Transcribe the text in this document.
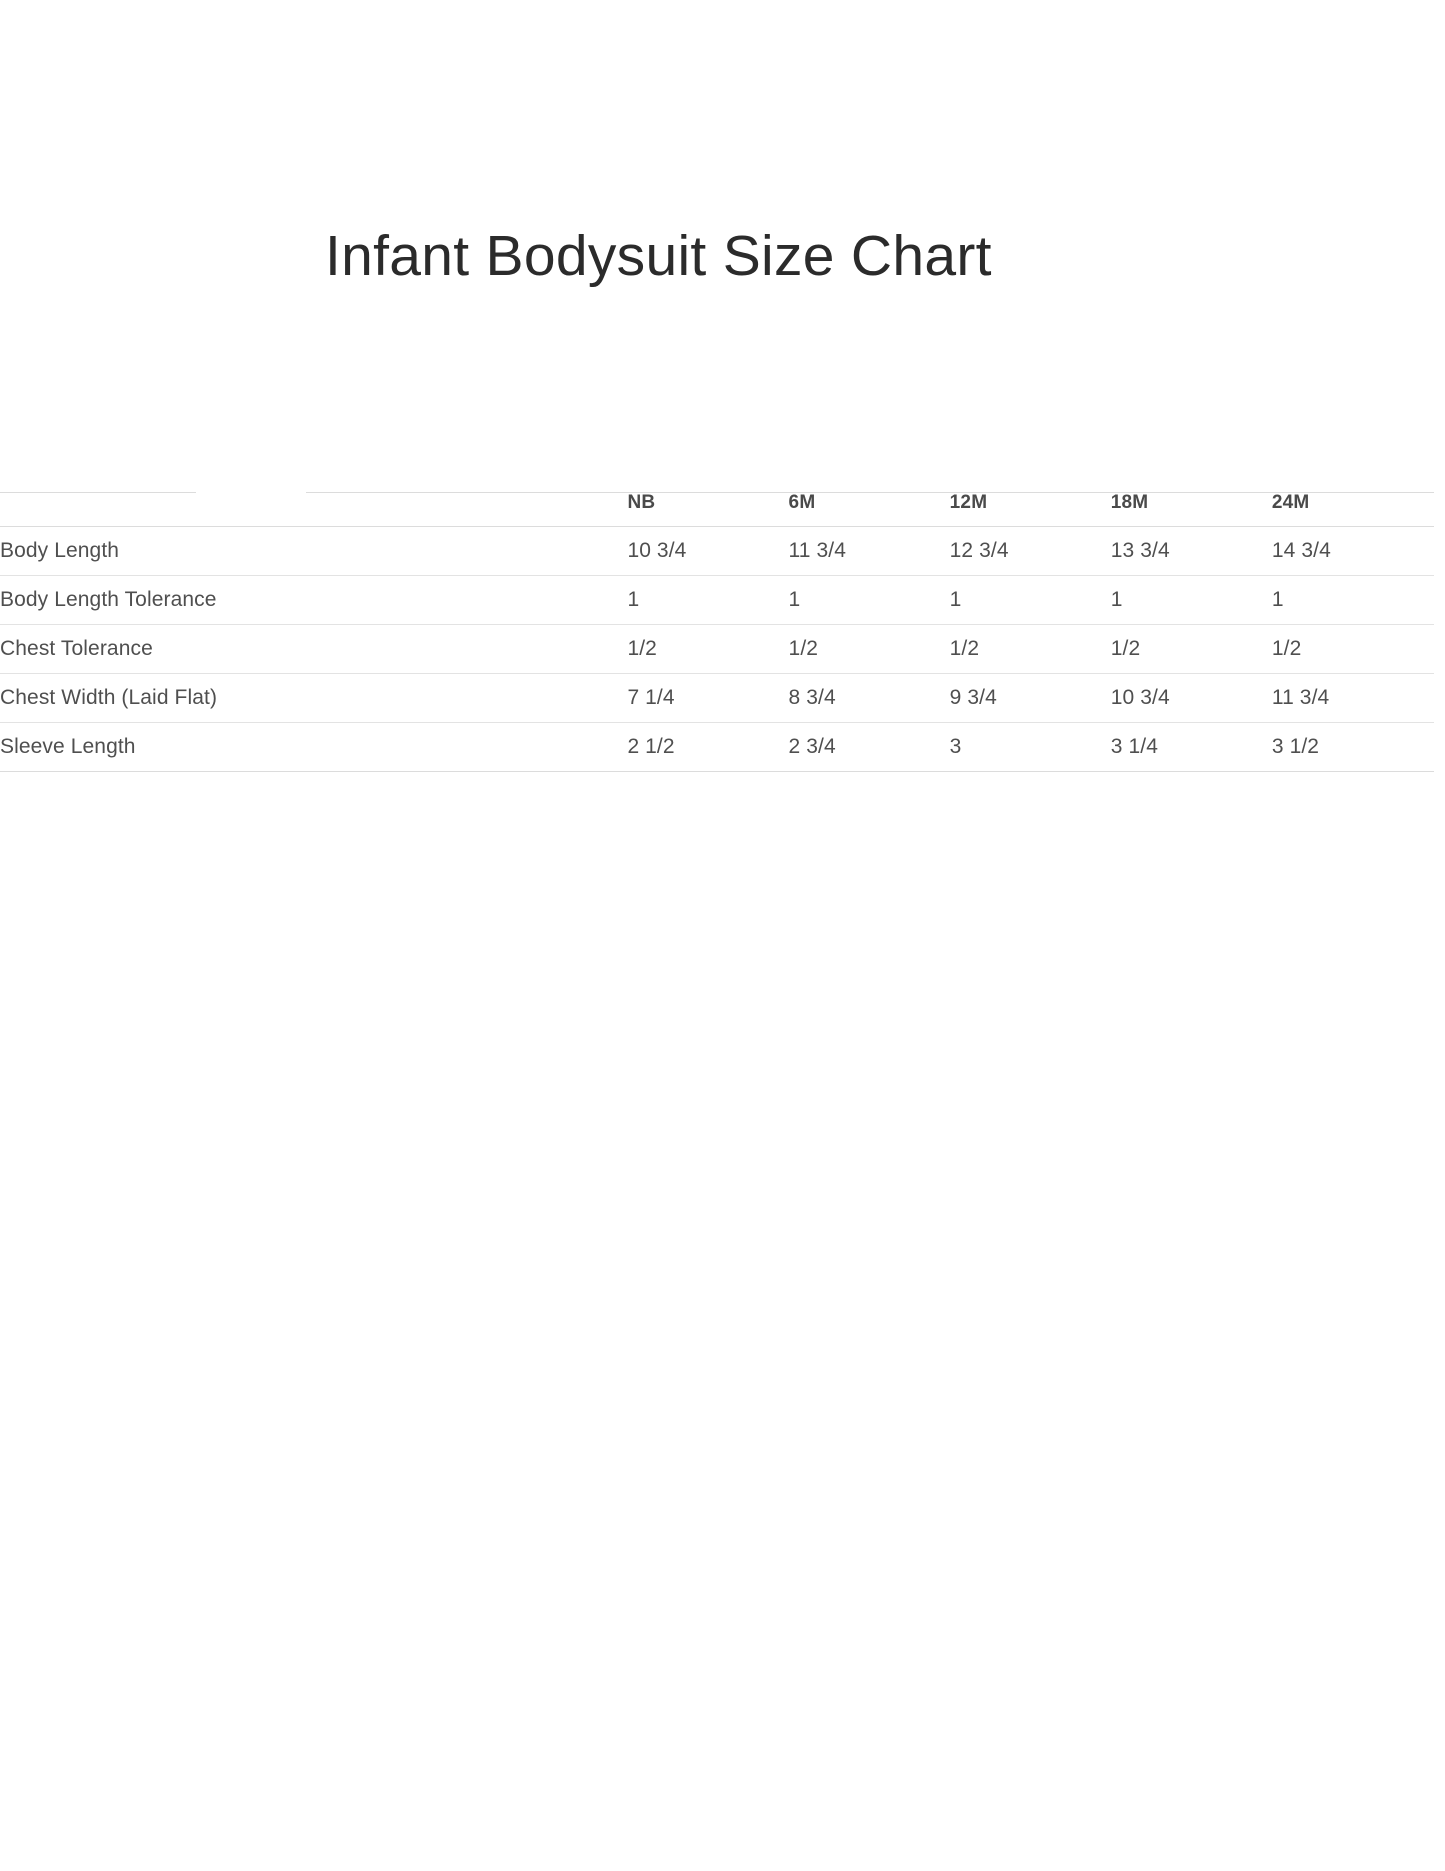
Infant Bodysuit Size Chart
	NB	6M	12M	18M	24M
Body Length	10 3/4	11 3/4	12 3/4	13 3/4	14 3/4
Body Length Tolerance	1	1	1	1	1
Chest Tolerance	1/2	1/2	1/2	1/2	1/2
Chest Width (Laid Flat)	7 1/4	8 3/4	9 3/4	10 3/4	11 3/4
Sleeve Length	2 1/2	2 3/4	3	3 1/4	3 1/2
